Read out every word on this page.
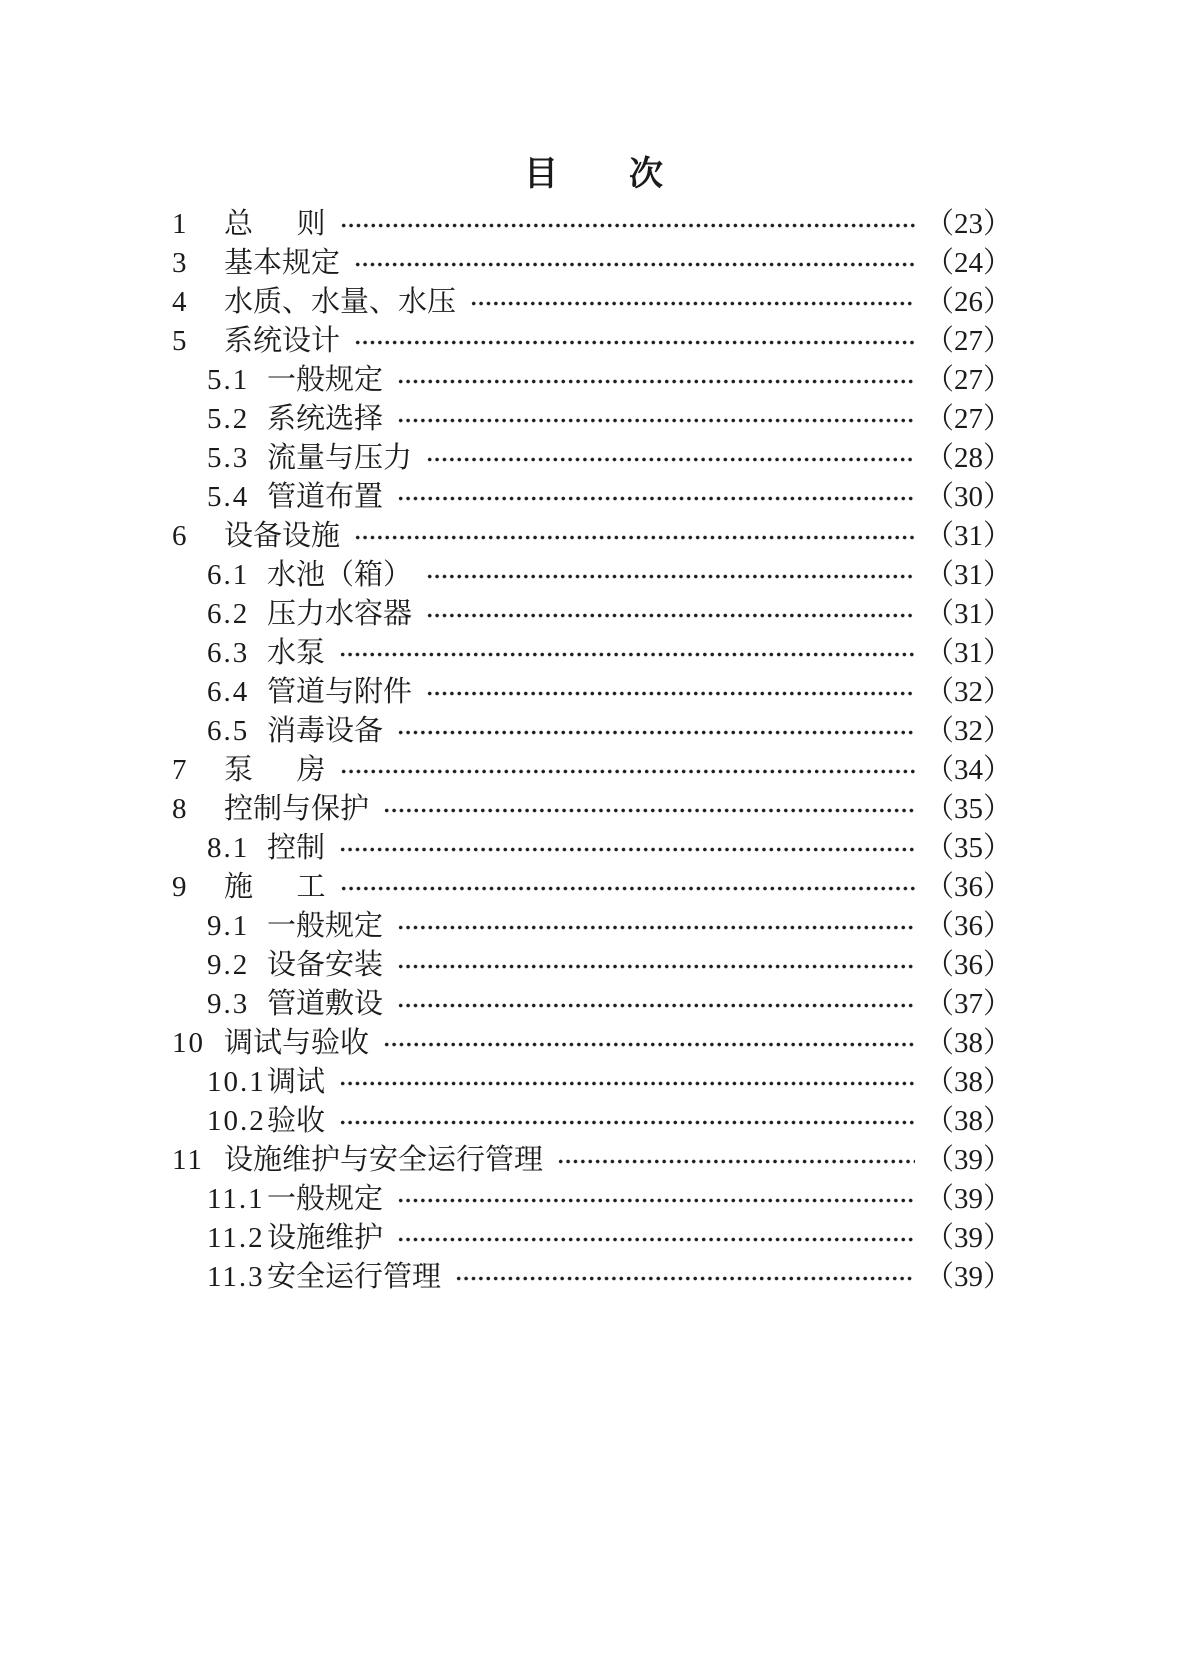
目　　次
1	总　  则	（23）
3	基本规定	（24）
4	水质、水量、水压	（26）
5	系统设计	（27）
5.1 一般规定	（27）
5.2 系统选择	（27）
5.3 流量与压力	（28）
5.4 管道布置	（30）
6	设备设施	（31）
6.1 水池（箱）	（31）
6.2 压力水容器	（31）
6.3 水泵	（31）
6.4 管道与附件	（32）
6.5 消毒设备	（32）
7	泵　  房	（34）
8	控制与保护	（35）
8.1 控制	（35）
9	施　  工	（36）
9.1 一般规定	（36）
9.2 设备安装	（36）
9.3 管道敷设	（37）
10 调试与验收	（38）
10.1 调试	（38）
10.2 验收	（38）
11 设施维护与安全运行管理	（39）
11.1 一般规定	（39）
11.2 设施维护	（39）
11.3 安全运行管理	（39）
